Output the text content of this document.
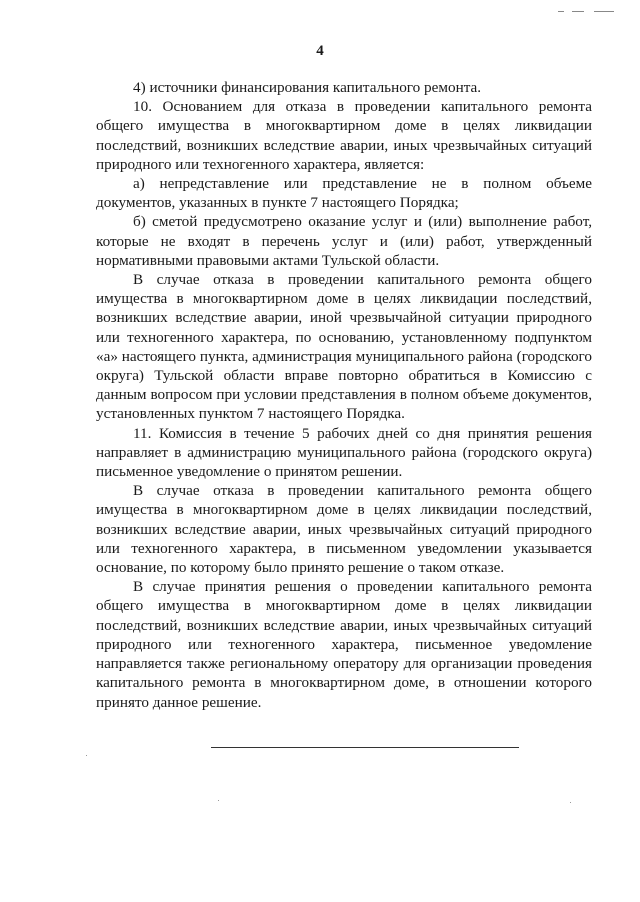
4

4) источники финансирования капитального ремонта.

10. Основанием для отказа в проведении капитального ремонта общего имущества в многоквартирном доме в целях ликвидации последствий, возникших вследствие аварии, иных чрезвычайных ситуаций природного или техногенного характера, является:

а) непредставление или представление не в полном объеме документов, указанных в пункте 7 настоящего Порядка;

б) сметой предусмотрено оказание услуг и (или) выполнение работ, которые не входят в перечень услуг и (или) работ, утвержденный нормативными правовыми актами Тульской области.

В случае отказа в проведении капитального ремонта общего имущества в многоквартирном доме в целях ликвидации последствий, возникших вследствие аварии, иной чрезвычайной ситуации природного или техногенного характера, по основанию, установленному подпунктом «а» настоящего пункта, администрация муниципального района (городского округа) Тульской области вправе повторно обратиться в Комиссию с данным вопросом при условии представления в полном объеме документов, установленных пунктом 7 настоящего Порядка.

11. Комиссия в течение 5 рабочих дней со дня принятия решения направляет в администрацию муниципального района (городского округа) письменное уведомление о принятом решении.

В случае отказа в проведении капитального ремонта общего имущества в многоквартирном доме в целях ликвидации последствий, возникших вследствие аварии, иных чрезвычайных ситуаций природного или техногенного характера, в письменном уведомлении указывается основание, по которому было принято решение о таком отказе.

В случае принятия решения о проведении капитального ремонта общего имущества в многоквартирном доме в целях ликвидации последствий, возникших вследствие аварии, иных чрезвычайных ситуаций природного или техногенного характера, письменное уведомление направляется также региональному оператору для организации проведения капитального ремонта в многоквартирном доме, в отношении которого принято данное решение.
